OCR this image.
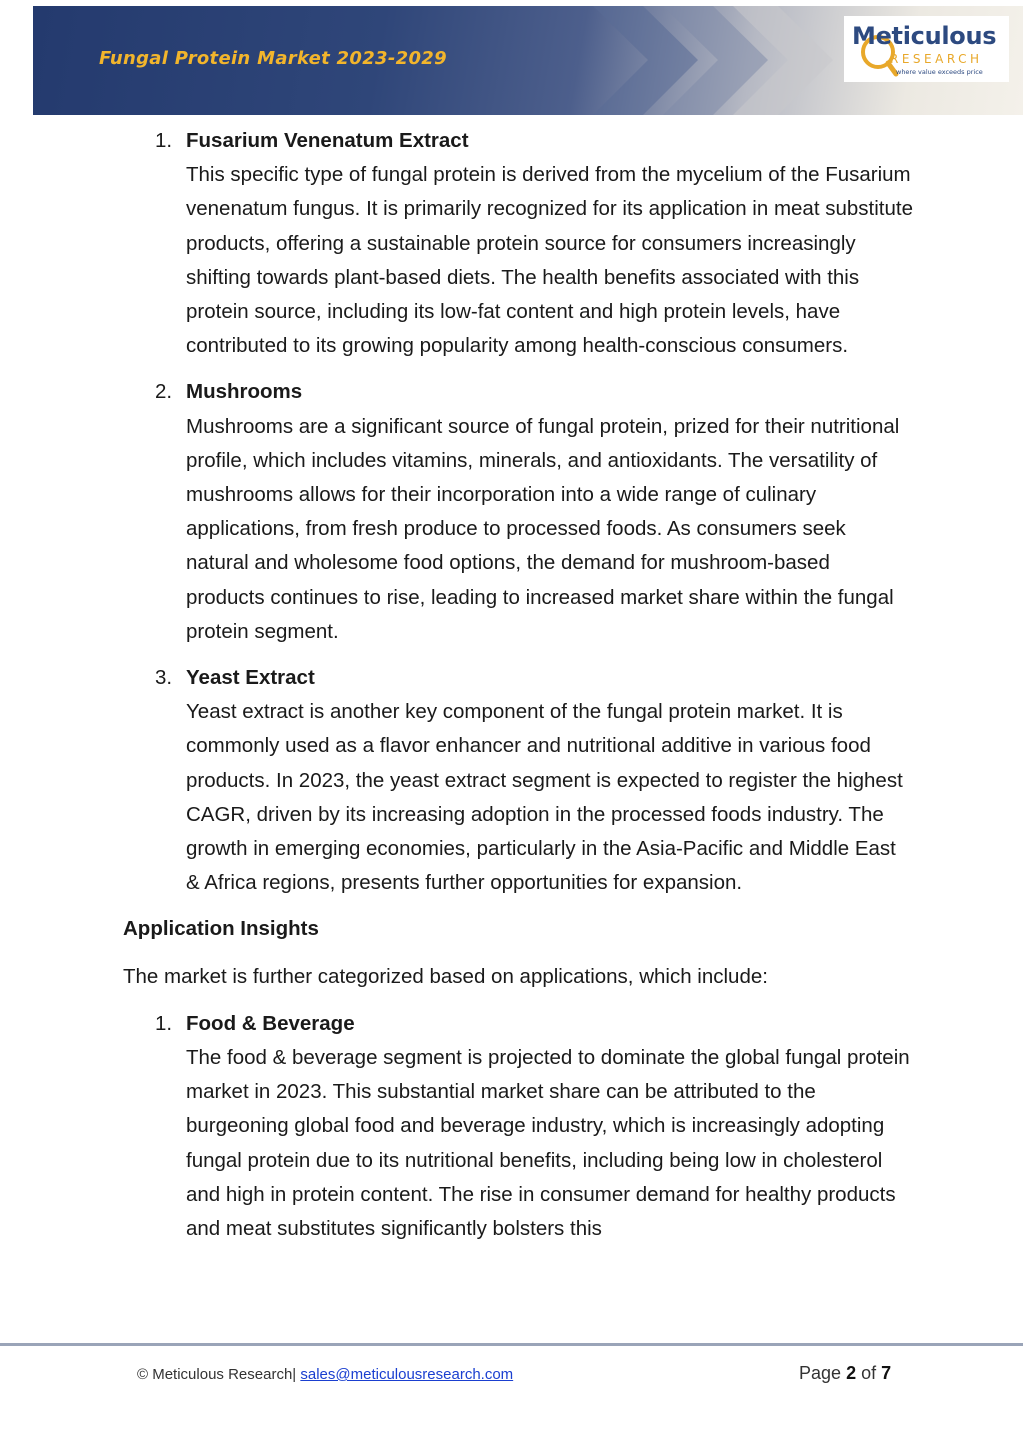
Fungal Protein Market 2023-2029
Meticulous
RESEARCH
where value exceeds price
1. Fusarium Venenatum Extract
This specific type of fungal protein is derived from the mycelium of the Fusarium venenatum fungus. It is primarily recognized for its application in meat substitute products, offering a sustainable protein source for consumers increasingly shifting towards plant-based diets. The health benefits associated with this protein source, including its low-fat content and high protein levels, have contributed to its growing popularity among health-conscious consumers.
2. Mushrooms
Mushrooms are a significant source of fungal protein, prized for their nutritional profile, which includes vitamins, minerals, and antioxidants. The versatility of mushrooms allows for their incorporation into a wide range of culinary applications, from fresh produce to processed foods. As consumers seek natural and wholesome food options, the demand for mushroom-based products continues to rise, leading to increased market share within the fungal protein segment.
3. Yeast Extract
Yeast extract is another key component of the fungal protein market. It is commonly used as a flavor enhancer and nutritional additive in various food products. In 2023, the yeast extract segment is expected to register the highest CAGR, driven by its increasing adoption in the processed foods industry. The growth in emerging economies, particularly in the Asia-Pacific and Middle East & Africa regions, presents further opportunities for expansion.
Application Insights
The market is further categorized based on applications, which include:
1. Food & Beverage
The food & beverage segment is projected to dominate the global fungal protein market in 2023. This substantial market share can be attributed to the burgeoning global food and beverage industry, which is increasingly adopting fungal protein due to its nutritional benefits, including being low in cholesterol and high in protein content. The rise in consumer demand for healthy products and meat substitutes significantly bolsters this
© Meticulous Research| sales@meticulousresearch.com	Page 2 of 7
